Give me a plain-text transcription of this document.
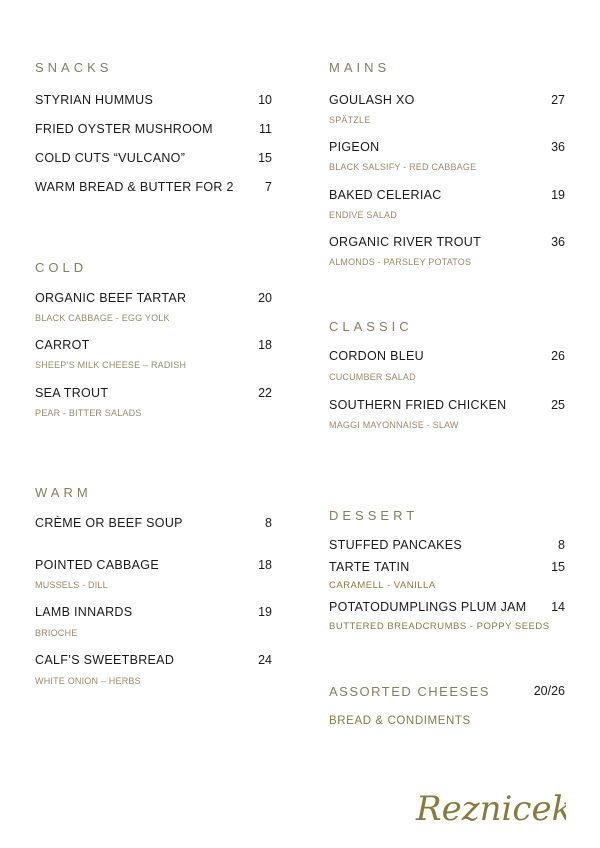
SNACKS
STYRIAN HUMMUS	10
FRIED OYSTER MUSHROOM	11
COLD CUTS “VULCANO”	15
WARM BREAD & BUTTER FOR 2	7
COLD
ORGANIC BEEF TARTAR	20
BLACK CABBAGE - EGG YOLK
CARROT	18
SHEEP’S MILK CHEESE – RADISH
SEA TROUT	22
PEAR - BITTER SALADS
WARM
CRÈME OR BEEF SOUP	8
POINTED CABBAGE	18
MUSSELS - DILL
LAMB INNARDS	19
BRIOCHE
CALF’S SWEETBREAD	24
WHITE ONION – HERBS
MAINS
GOULASH XO	27
SPÄTZLE
PIGEON	36
BLACK SALSIFY - RED CABBAGE
BAKED CELERIAC	19
ENDIVE SALAD
ORGANIC RIVER TROUT	36
ALMONDS - PARSLEY POTATOS
CLASSIC
CORDON BLEU	26
CUCUMBER SALAD
SOUTHERN FRIED CHICKEN	25
MAGGI MAYONNAISE - SLAW
DESSERT
STUFFED PANCAKES	8
TARTE TATIN	15
CARAMELL - VANILLA
POTATODUMPLINGS PLUM JAM 14
BUTTERED BREADCRUMBS - POPPY SEEDS
ASSORTED CHEESES	20/26
BREAD & CONDIMENTS
Reznicek
